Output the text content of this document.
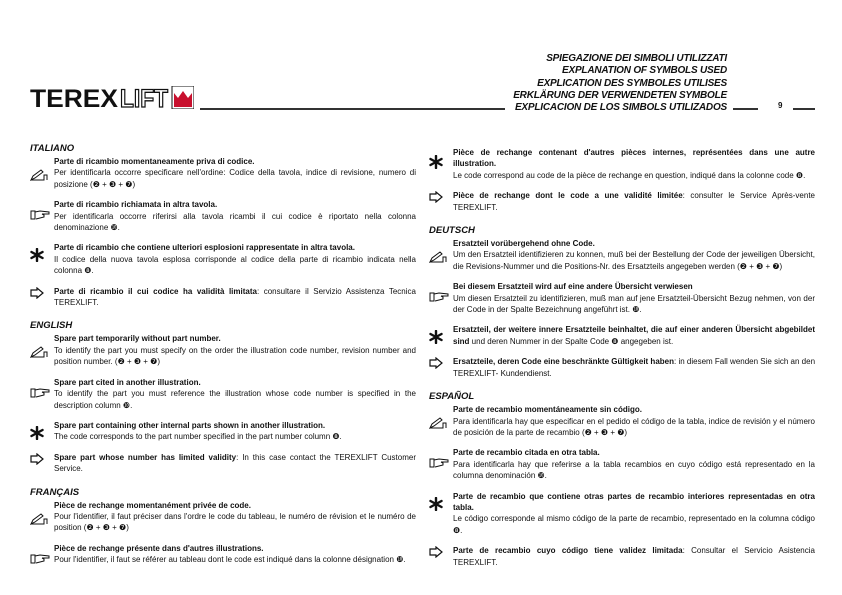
TEREX LIFT
SPIEGAZIONE DEI SIMBOLI UTILIZZATI
EXPLANATION OF SYMBOLS USED
EXPLICATION DES SYMBOLES UTILISES
ERKLÄRUNG DER VERWENDETEN SYMBOLE
EXPLICACION DE LOS SIMBOLS UTILIZADOS	9
ITALIANO
Parte di ricambio momentaneamente priva di codice.
Per identificarla occorre specificare nell'ordine: Codice della tavola, indice di revisione, numero di posizione (❷ + ❸ + ❼)
Parte di ricambio richiamata in altra tavola.
Per identificarla occorre riferirsi alla tavola ricambi il cui codice è riportato nella colonna denominazione ❿.
Parte di ricambio che contiene ulteriori esplosioni rappresentate in altra tavola.
Il codice della nuova tavola esplosa corrisponde al codice della parte di ricambio indicata nella colonna ❽.
Parte di ricambio il cui codice ha validità limitata: consultare il Servizio Assistenza Tecnica TEREXLIFT.
ENGLISH
Spare part temporarily without part number.
To identify the part you must specify on the order the illustration code number, revision number and position number. (❷ + ❸ + ❼)
Spare part cited in another illustration.
To identify the part you must reference the illustration whose code number is specified in the description column ❿.
Spare part containing other internal parts shown in another illustration.
The code corresponds to the part number specified in the part number column ❽.
Spare part whose number has limited validity: In this case contact the TEREXLIFT Customer Service.
FRANÇAIS
Pièce de rechange momentanément privée de code.
Pour l'identifier, il faut préciser dans l'ordre le code du tableau, le numéro de révision et le numéro de position (❷ + ❸ + ❼)
Pièce de rechange présente dans d'autres illustrations.
Pour l'identifier, il faut se référer au tableau dont le code est indiqué dans la colonne désignation ❿.
Pièce de rechange contenant d'autres pièces internes, représentées dans une autre illustration.
Le code correspond au code de la pièce de rechange en question, indiqué dans la colonne code ❽.
Pièce de rechange dont le code a une validité limitée: consulter le Service Après-vente TEREXLIFT.
DEUTSCH
Ersatzteil vorübergehend ohne Code.
Um den Ersatzteil identifizieren zu konnen, muß bei der Bestellung der Code der jeweiligen Übersicht, die Revisions-Nummer und die Positions-Nr. des Ersatzteils angegeben werden (❷ + ❸ + ❼)
Bei diesem Ersatzteil wird auf eine andere Übersicht verwiesen
Um diesen Ersatzteil zu identifizieren, muß man auf jene Ersatzteil-Übersicht Bezug nehmen, von der der Code in der Spalte Bezeichnung angeführt ist. ❿.
Ersatzteil, der weitere innere Ersatzteile beinhaltet, die auf einer anderen Übersicht abgebildet sind und deren Nummer in der Spalte Code ❽ angegeben ist.
Ersatzteile, deren Code eine beschränkte Gültigkeit haben: in diesem Fall wenden Sie sich an den TEREXLIFT- Kundendienst.
ESPAÑOL
Parte de recambio momentáneamente sin código.
Para identificarla hay que especificar en el pedido el código de la tabla, indice de revisión y el número de posición de la parte de recambio (❷ + ❸ + ❼)
Parte de recambio citada en otra tabla.
Para identificarla hay que referirse a la tabla recambios en cuyo código está representado en la columna denominación ❿.
Parte de recambio que contiene otras partes de recambio interiores representadas en otra tabla.
Le código corresponde al mismo código de la parte de recambio, representado en la columna código ❽.
Parte de recambio cuyo código tiene validez limitada: Consultar el Servicio Asistencia TEREXLIFT.
